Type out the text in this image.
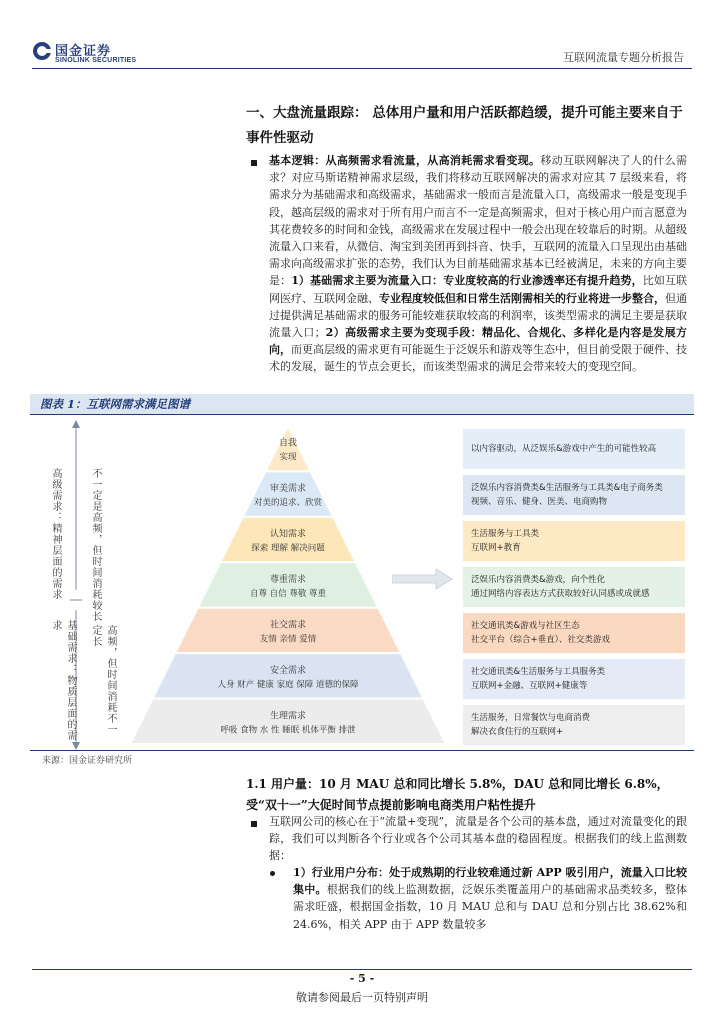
国金证券
SINOLINK SECURITIES	互联网流量专题分析报告
一、大盘流量跟踪： 总体用户量和用户活跃都趋缓，提升可能主要来自于事件性驱动
基本逻辑：从高频需求看流量，从高消耗需求看变现。移动互联网解决了人的什么需求？对应马斯诺精神需求层级，我们将移动互联网解决的需求对应其 7 层级来看，将需求分为基础需求和高级需求，基础需求一般而言是流量入口，高级需求一般是变现手段，越高层级的需求对于所有用户而言不一定是高频需求，但对于核心用户而言愿意为其花费较多的时间和金钱，高级需求在发展过程中一般会出现在较靠后的时期。从超级流量入口来看，从微信、淘宝到美团再到抖音、快手，互联网的流量入口呈现出由基础需求向高级需求扩张的态势，我们认为目前基础需求基本已经被满足，未来的方向主要是：1）基础需求主要为流量入口：专业度较高的行业渗透率还有提升趋势，比如互联网医疗、互联网金融、专业程度较低但和日常生活刚需相关的行业将进一步整合，但通过提供满足基础需求的服务可能较难获取较高的利润率，该类型需求的满足主要是获取流量入口；2）高级需求主要为变现手段：精品化、合规化、多样化是内容是发展方向，而更高层级的需求更有可能诞生于泛娱乐和游戏等生态中，但目前受限于硬件、技术的发展，诞生的节点会更长，而该类型需求的满足会带来较大的变现空间。
图表 1：互联网需求满足图谱
高级需求：精神层面的需求	不一定是高频，但时间消耗较长
基础需求：物质层面的需求	高频，但时间消耗不一定长
自我
实现
审美需求
对美的追求、欣赏
认知需求
探索 理解 解决问题
尊重需求
自尊 自信 尊敬 尊重
社交需求
友情 亲情 爱情
安全需求
人身 财产 健康 家庭 保障 道德的保障
生理需求
呼吸 食物 水 性 睡眠 机体平衡 排泄
以内容驱动，从泛娱乐&游戏中产生的可能性较高
泛娱乐内容消费类&生活服务与工具类&电子商务类
视频、音乐、健身、医美、电商购物
生活服务与工具类
互联网+教育
泛娱乐内容消费类&游戏，向个性化
通过网络内容表达方式获取较好认同感或成就感
社交通讯类&游戏与社区生态
社交平台（综合+垂直）、社交类游戏
社交通讯类&生活服务与工具服务类
互联网+金融、互联网+健康等
生活服务，日常餐饮与电商消费
解决衣食住行的互联网+
来源：国金证券研究所
1.1 用户量：10 月 MAU 总和同比增长 5.8%，DAU 总和同比增长 6.8%，受“双十一”大促时间节点提前影响电商类用户粘性提升
互联网公司的核心在于“流量+变现”，流量是各个公司的基本盘，通过对流量变化的跟踪，我们可以判断各个行业或各个公司其基本盘的稳固程度。根据我们的线上监测数据：
1）行业用户分布：处于成熟期的行业较难通过新 APP 吸引用户，流量入口比较集中。根据我们的线上监测数据，泛娱乐类覆盖用户的基础需求品类较多，整体需求旺盛，根据国金指数，10 月 MAU 总和与 DAU 总和分别占比 38.62%和 24.6%，相关 APP 由于 APP 数量较多
- 5 -
敬请参阅最后一页特别声明
